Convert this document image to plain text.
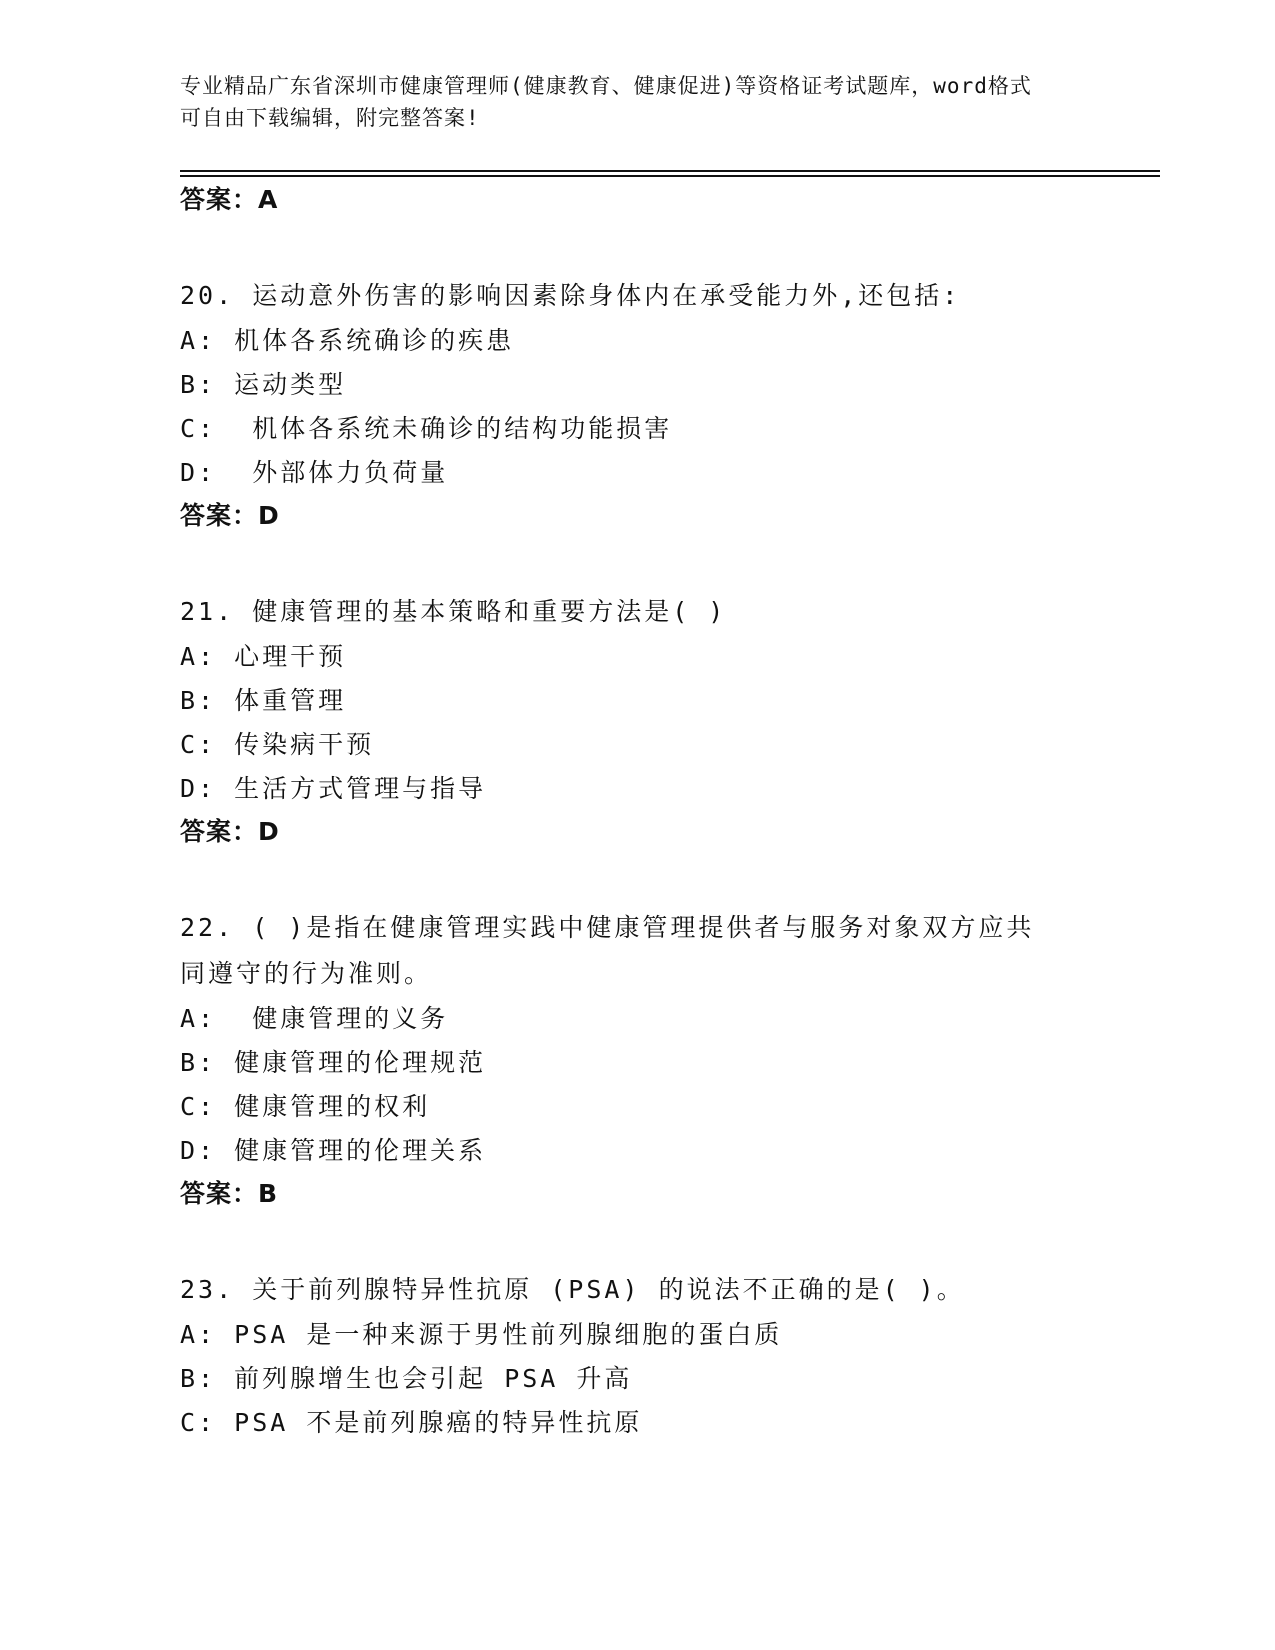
专业精品广东省深圳市健康管理师(健康教育、健康促进)等资格证考试题库，word格式可自由下载编辑，附完整答案!
答案：A
20. 运动意外伤害的影响因素除身体内在承受能力外,还包括:
A: 机体各系统确诊的疾患
B: 运动类型
C:  机体各系统未确诊的结构功能损害
D:  外部体力负荷量
答案：D
21. 健康管理的基本策略和重要方法是( )
A: 心理干预
B: 体重管理
C: 传染病干预
D: 生活方式管理与指导
答案：D
22. ( )是指在健康管理实践中健康管理提供者与服务对象双方应共同遵守的行为准则。
A:  健康管理的义务
B: 健康管理的伦理规范
C: 健康管理的权利
D: 健康管理的伦理关系
答案：B
23. 关于前列腺特异性抗原 (PSA) 的说法不正确的是( )。
A: PSA 是一种来源于男性前列腺细胞的蛋白质
B: 前列腺增生也会引起 PSA 升高
C: PSA 不是前列腺癌的特异性抗原
